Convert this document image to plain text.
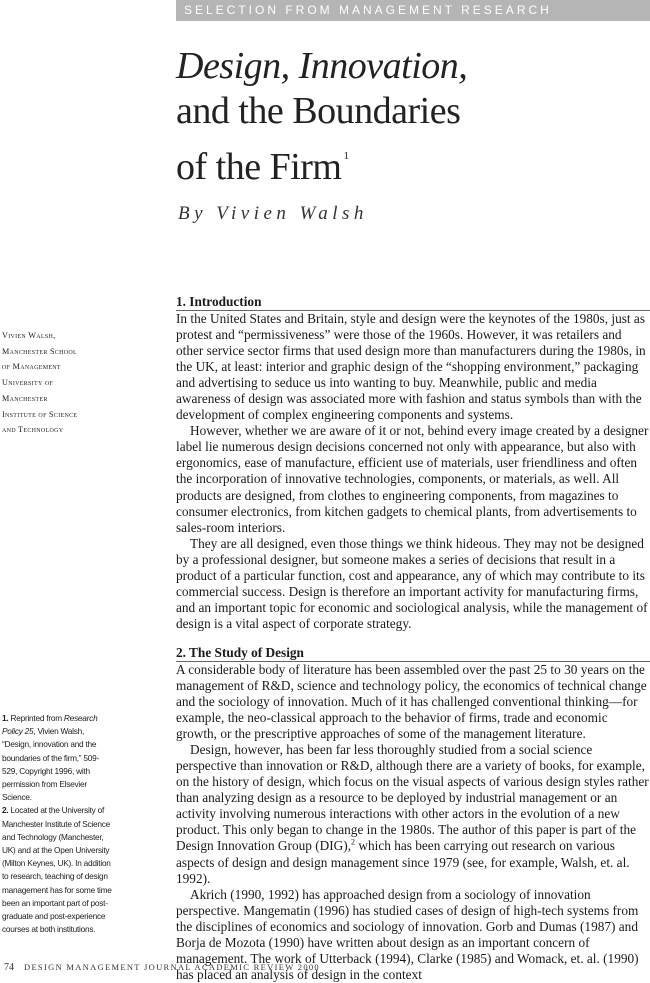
SELECTION FROM MANAGEMENT RESEARCH
Design, Innovation,
and the Boundaries
of the Firm $^1$
By Vivien Walsh
Vivien Walsh,
Manchester School
of Management
University of
Manchester
Institute of Science
and Technology
1. Introduction

In the United States and Britain, style and design were the keynotes of the 1980s, just as protest and “permissiveness” were those of the 1960s. However, it was retailers and other service sector firms that used design more than manufacturers during the 1980s, in the UK, at least: interior and graphic design of the “shopping environment,” packaging and advertising to seduce us into wanting to buy. Meanwhile, public and media awareness of design was associated more with fashion and status symbols than with the development of complex engineering components and systems.

However, whether we are aware of it or not, behind every image created by a designer label lie numerous design decisions concerned not only with appearance, but also with ergonomics, ease of manufacture, efficient use of materials, user friendliness and often the incorporation of innovative technologies, components, or materials, as well. All products are designed, from clothes to engineering components, from magazines to consumer electronics, from kitchen gadgets to chemical plants, from advertisements to sales-room interiors.

They are all designed, even those things we think hideous. They may not be designed by a professional designer, but someone makes a series of decisions that result in a product of a particular function, cost and appearance, any of which may contribute to its commercial success. Design is therefore an important activity for manufacturing firms, and an important topic for economic and sociological analysis, while the management of design is a vital aspect of corporate strategy.

2. The Study of Design

A considerable body of literature has been assembled over the past 25 to 30 years on the management of R&D, science and technology policy, the economics of technical change and the sociology of innovation. Much of it has challenged conventional thinking—for example, the neo-classical approach to the behavior of firms, trade and economic growth, or the prescriptive approaches of some of the management literature.

Design, however, has been far less thoroughly studied from a social science perspective than innovation or R&D, although there are a variety of books, for example, on the history of design, which focus on the visual aspects of various design styles rather than analyzing design as a resource to be deployed by industrial management or an activity involving numerous interactions with other actors in the evolution of a new product. This only began to change in the 1980s. The author of this paper is part of the Design Innovation Group (DIG),$^2$ which has been carrying out research on various aspects of design and design management since 1979 (see, for example, Walsh, et. al. 1992).

Akrich (1990, 1992) has approached design from a sociology of innovation perspective. Mangematin (1996) has studied cases of design of high-tech systems from the disciplines of economics and sociology of innovation. Gorb and Dumas (1987) and Borja de Mozota (1990) have written about design as an important concern of management. The work of Utterback (1994), Clarke (1985) and Womack, et. al. (1990) has placed an analysis of design in the context

1. Reprinted from Research Policy 25, Vivien Walsh, “Design, innovation and the boundaries of the firm,” 509-529, Copyright 1996, with permission from Elsevier Science.

2. Located at the University of Manchester Institute of Science and Technology (Manchester, UK) and at the Open University (Milton Keynes, UK). In addition to research, teaching of design management has for some time been an important part of post-graduate and post-experience courses at both institutions.

74 DESIGN MANAGEMENT JOURNAL ACADEMIC REVIEW 2000
